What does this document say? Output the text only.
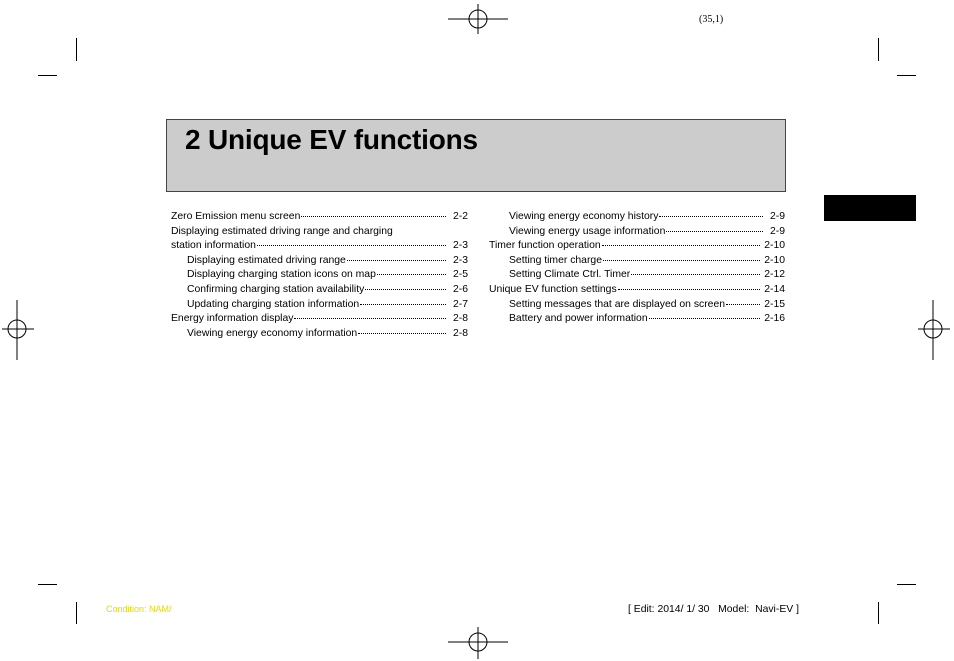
(35,1)
2 Unique EV functions
Zero Emission menu screen	2-2
Displaying estimated driving range and charging
station information	2-3
Displaying estimated driving range	2-3
Displaying charging station icons on map	2-5
Confirming charging station availability	2-6
Updating charging station information	2-7
Energy information display	2-8
Viewing energy economy information	2-8
Viewing energy economy history	2-9
Viewing energy usage information	2-9
Timer function operation	2-10
Setting timer charge	2-10
Setting Climate Ctrl. Timer	2-12
Unique EV function settings	2-14
Setting messages that are displayed on screen	2-15
Battery and power information	2-16
Condition: NAM/	[ Edit: 2014/ 1/ 30   Model:  Navi-EV ]
